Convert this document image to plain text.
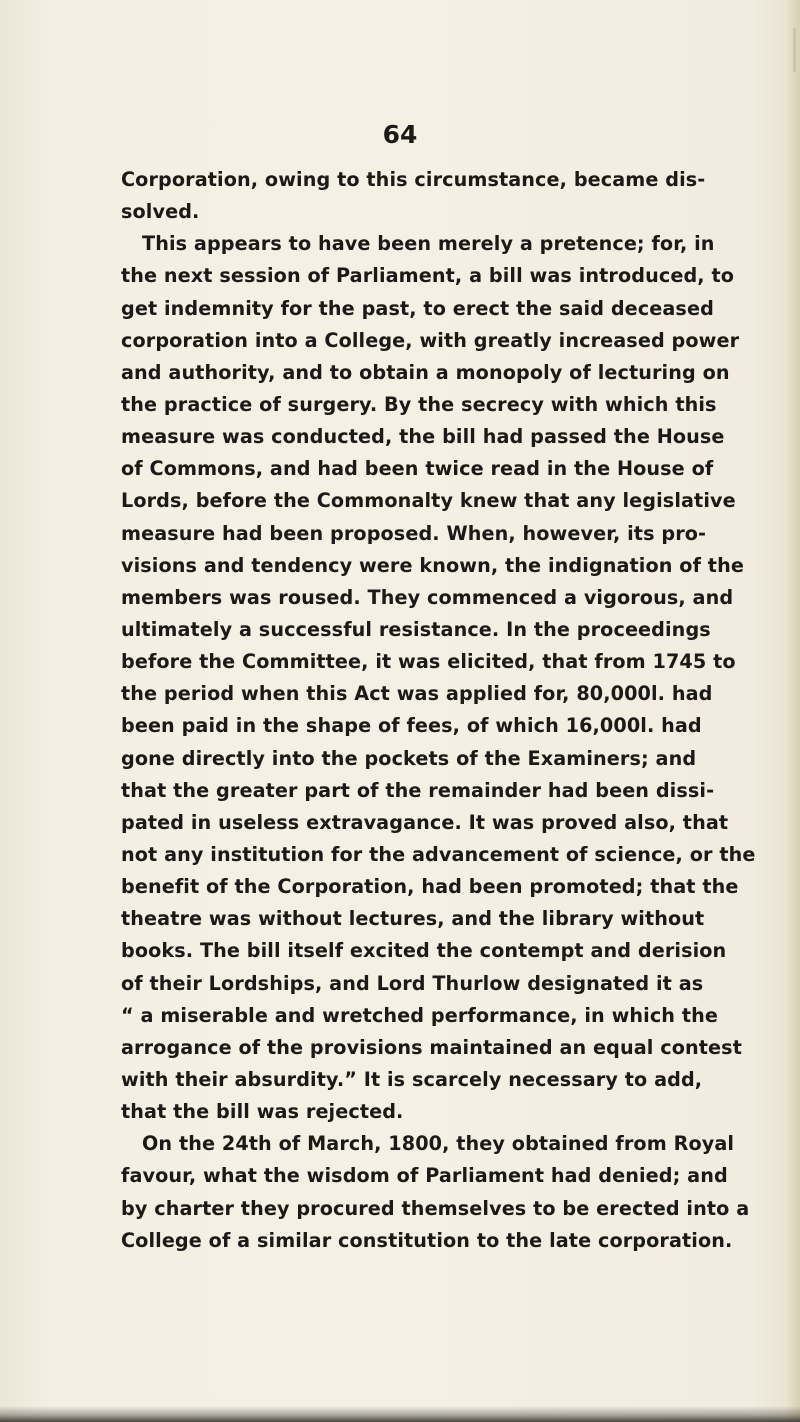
64
Corporation, owing to this circumstance, became dis-
solved.
This appears to have been merely a pretence; for, in
the next session of Parliament, a bill was introduced, to
get indemnity for the past, to erect the said deceased
corporation into a College, with greatly increased power
and authority, and to obtain a monopoly of lecturing on
the practice of surgery. By the secrecy with which this
measure was conducted, the bill had passed the House
of Commons, and had been twice read in the House of
Lords, before the Commonalty knew that any legislative
measure had been proposed. When, however, its pro-
visions and tendency were known, the indignation of the
members was roused. They commenced a vigorous, and
ultimately a successful resistance. In the proceedings
before the Committee, it was elicited, that from 1745 to
the period when this Act was applied for, 80,000l. had
been paid in the shape of fees, of which 16,000l. had
gone directly into the pockets of the Examiners; and
that the greater part of the remainder had been dissi-
pated in useless extravagance. It was proved also, that
not any institution for the advancement of science, or the
benefit of the Corporation, had been promoted; that the
theatre was without lectures, and the library without
books. The bill itself excited the contempt and derision
of their Lordships, and Lord Thurlow designated it as
“ a miserable and wretched performance, in which the
arrogance of the provisions maintained an equal contest
with their absurdity.” It is scarcely necessary to add,
that the bill was rejected.
On the 24th of March, 1800, they obtained from Royal
favour, what the wisdom of Parliament had denied; and
by charter they procured themselves to be erected into a
College of a similar constitution to the late corporation.
